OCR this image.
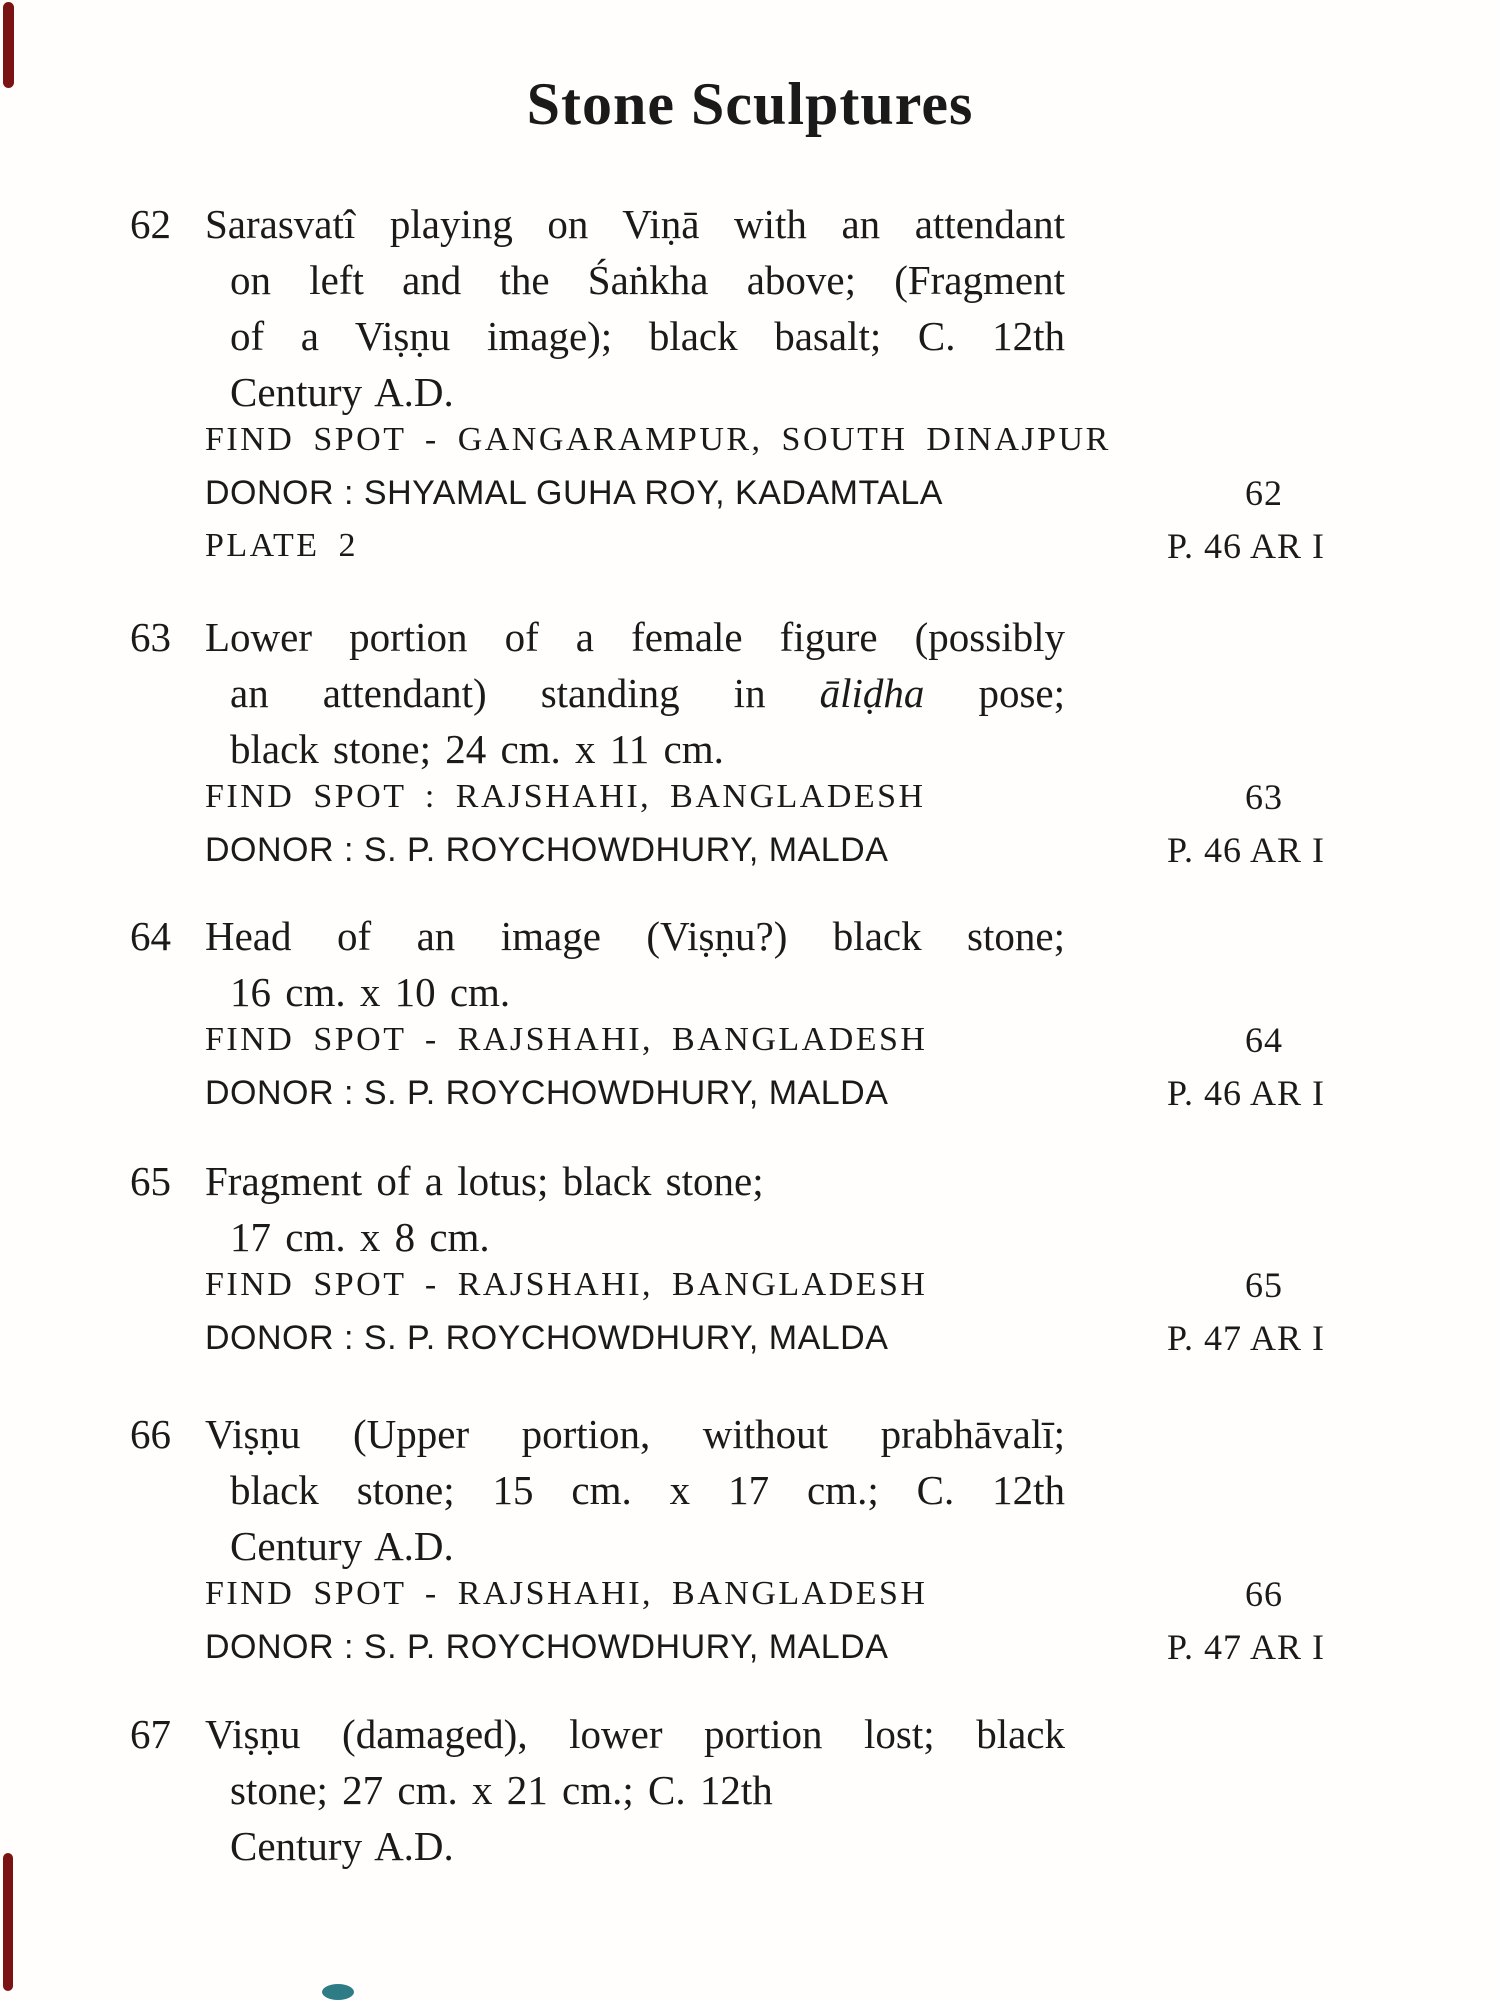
Stone Sculptures
62 Sarasvatî playing on Viṇā with an attendant
on left and the Śaṅkha above; (Fragment
of a Viṣṇu image); black basalt; C. 12th
Century A.D.
FIND SPOT - GANGARAMPUR, SOUTH DINAJPUR
DONOR : SHYAMAL GUHA ROY, KADAMTALA	62
PLATE 2	P. 46 AR I
63 Lower portion of a female figure (possibly
an attendant) standing in āliḍha pose;
black stone; 24 cm. x 11 cm.
FIND SPOT : RAJSHAHI, BANGLADESH	63
DONOR : S. P. ROYCHOWDHURY, MALDA	P. 46 AR I
64 Head of an image (Viṣṇu?) black stone;
16 cm. x 10 cm.
FIND SPOT - RAJSHAHI, BANGLADESH	64
DONOR : S. P. ROYCHOWDHURY, MALDA	P. 46 AR I
65 Fragment of a lotus; black stone;
17 cm. x 8 cm.
FIND SPOT - RAJSHAHI, BANGLADESH	65
DONOR : S. P. ROYCHOWDHURY, MALDA	P. 47 AR I
66 Viṣṇu (Upper portion, without prabhāvalī;
black stone; 15 cm. x 17 cm.; C. 12th
Century A.D.
FIND SPOT - RAJSHAHI, BANGLADESH	66
DONOR : S. P. ROYCHOWDHURY, MALDA	P. 47 AR I
67 Viṣṇu (damaged), lower portion lost; black
stone; 27 cm. x 21 cm.; C. 12th
Century A.D.
